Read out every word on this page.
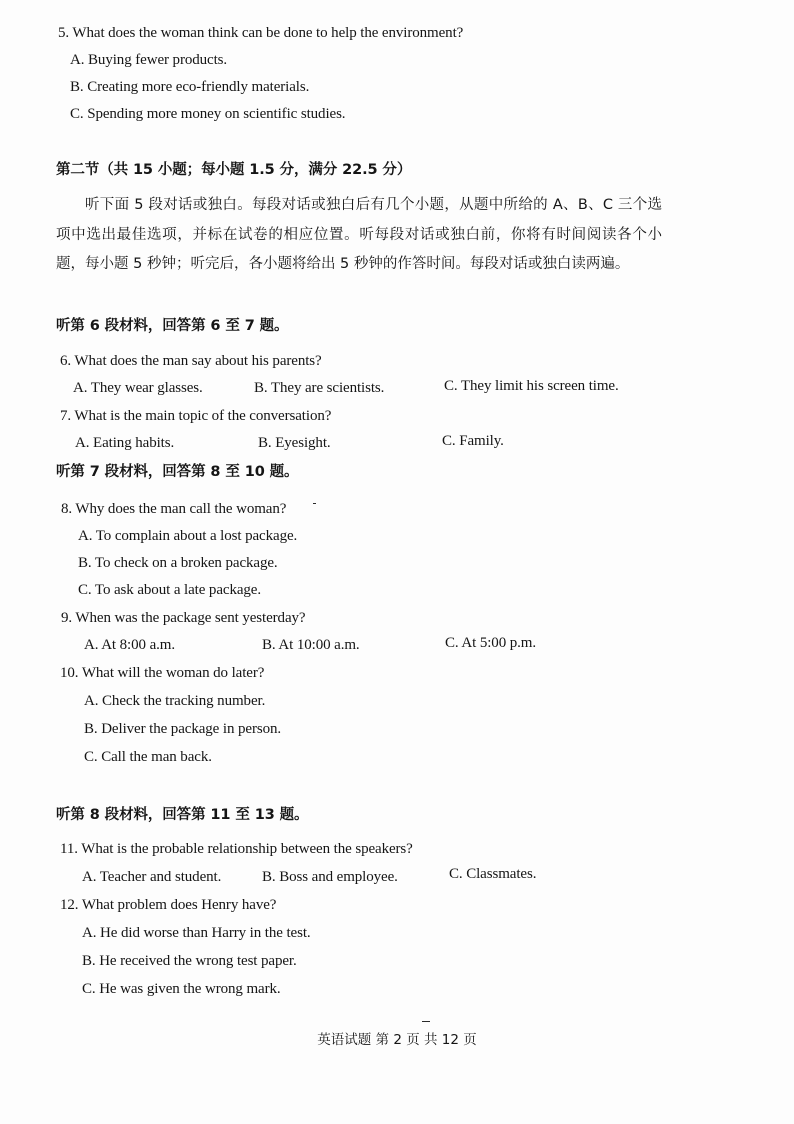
5. What does the woman think can be done to help the environment?
A. Buying fewer products.
B. Creating more eco-friendly materials.
C. Spending more money on scientific studies.
第二节（共 15 小题；每小题 1.5 分，满分 22.5 分）
听下面 5 段对话或独白。每段对话或独白后有几个小题，从题中所给的 A、B、C 三个选项中选出最佳选项，并标在试卷的相应位置。听每段对话或独白前，你将有时间阅读各个小题，每小题 5 秒钟；听完后，各小题将给出 5 秒钟的作答时间。每段对话或独白读两遍。
听第 6 段材料，回答第 6 至 7 题。
6. What does the man say about his parents?
A. They wear glasses.	B. They are scientists.	C. They limit his screen time.
7. What is the main topic of the conversation?
A. Eating habits.	B. Eyesight.	C. Family.
听第 7 段材料，回答第 8 至 10 题。
8. Why does the man call the woman?
A. To complain about a lost package.
B. To check on a broken package.
C. To ask about a late package.
9. When was the package sent yesterday?
A. At 8:00 a.m.	B. At 10:00 a.m.	C. At 5:00 p.m.
10. What will the woman do later?
A. Check the tracking number.
B. Deliver the package in person.
C. Call the man back.
听第 8 段材料，回答第 11 至 13 题。
11. What is the probable relationship between the speakers?
A. Teacher and student.	B. Boss and employee.	C. Classmates.
12. What problem does Henry have?
A. He did worse than Harry in the test.
B. He received the wrong test paper.
C. He was given the wrong mark.
英语试题 第 2 页 共 12 页
